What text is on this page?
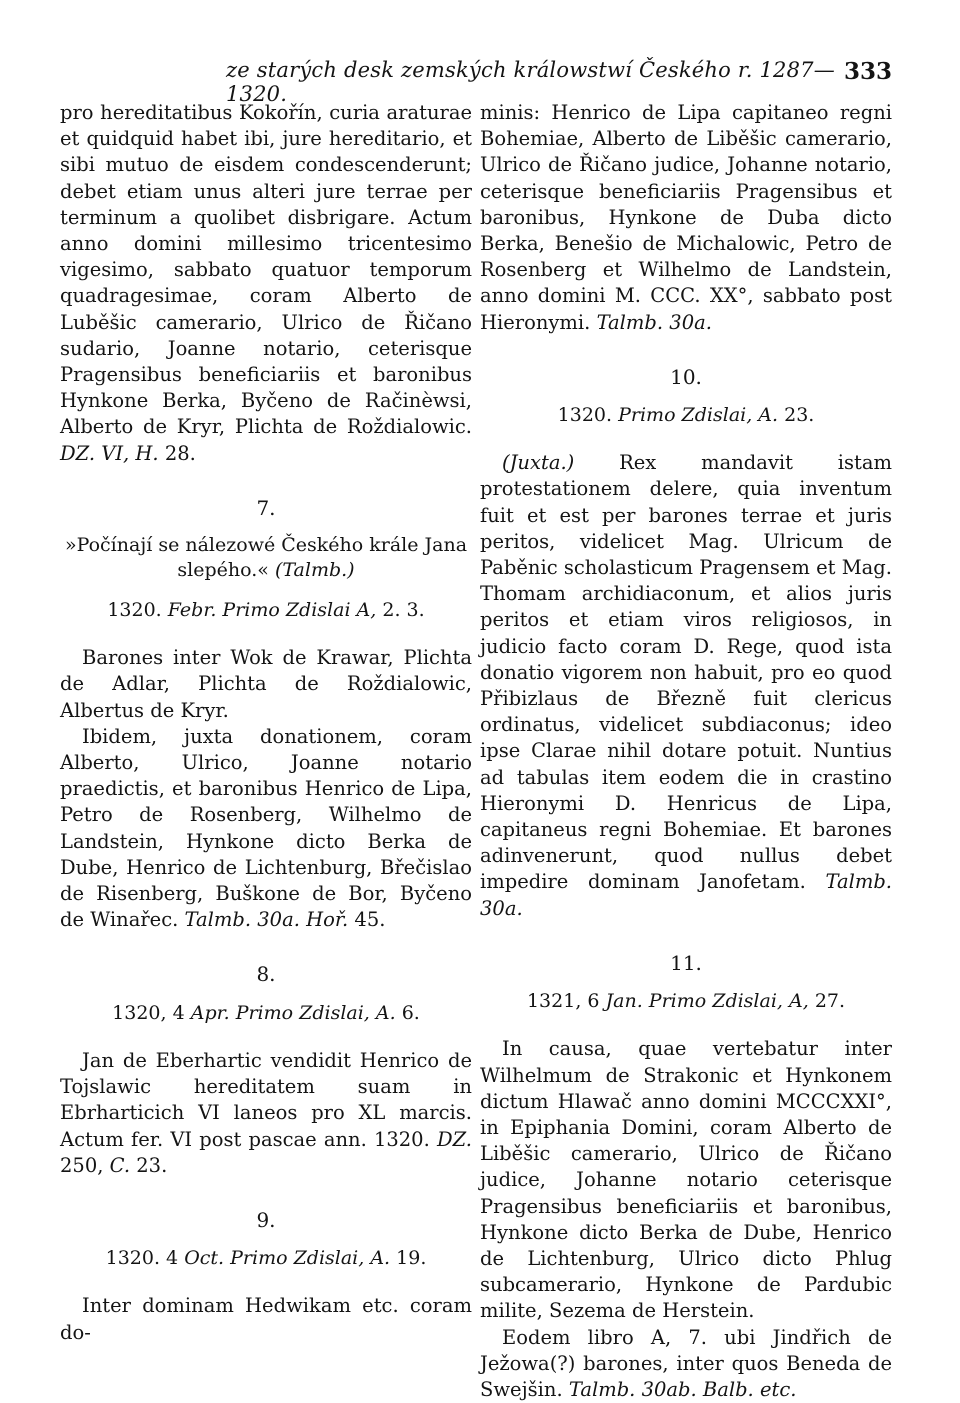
ze starých desk zemských králowstwí Českého r. 1287—1320.
333

pro hereditatibus Kokořín, curia araturae et quidquid habet ibi, jure hereditario, et sibi mutuo de eisdem condescenderunt; debet etiam unus alteri jure terrae per terminum a quolibet disbrigare. Actum anno domini millesimo tricentesimo vigesimo, sabbato quatuor temporum quadragesimae, coram Alberto de Luběšic camerario, Ulrico de Řičano sudario, Joanne notario, ceterisque Pragensibus beneficiariis et baronibus Hynkone Berka, Byčeno de Račinèwsi, Alberto de Kryr, Plichta de Roždialowic. DZ. VI, H. 28.

7.
»Počínají se nálezowé Českého krále Jana slepého.« (Talmb.)
1320. Febr. Primo Zdislai A, 2. 3.

Barones inter Wok de Krawar, Plichta de Adlar, Plichta de Roždialowic, Albertus de Kryr.

Ibidem, juxta donationem, coram Alberto, Ulrico, Joanne notario praedictis, et baronibus Henrico de Lipa, Petro de Rosenberg, Wilhelmo de Landstein, Hynkone dicto Berka de Dube, Henrico de Lichtenburg, Břečislao de Risenberg, Buškone de Bor, Byčeno de Winařec. Talmb. 30a. Hoř. 45.

8.
1320, 4 Apr. Primo Zdislai, A. 6.

Jan de Eberhartic vendidit Henrico de Tojslawic hereditatem suam in Ebrharticich VI laneos pro XL marcis. Actum fer. VI post pascae ann. 1320. DZ. 250, C. 23.

9.
1320. 4 Oct. Primo Zdislai, A. 19.

Inter dominam Hedwikam etc. coram do-

minis: Henrico de Lipa capitaneo regni Bohemiae, Alberto de Liběšic camerario, Ulrico de Řičano judice, Johanne notario, ceterisque beneficiariis Pragensibus et baronibus, Hynkone de Duba dicto Berka, Benešio de Michalowic, Petro de Rosenberg et Wilhelmo de Landstein, anno domini M. CCC. XX°, sabbato post Hieronymi. Talmb. 30a.

10.
1320. Primo Zdislai, A. 23.

(Juxta.) Rex mandavit istam protestationem delere, quia inventum fuit et est per barones terrae et juris peritos, videlicet Mag. Ulricum de Paběnic scholasticum Pragensem et Mag. Thomam archidiaconum, et alios juris peritos et etiam viros religiosos, in judicio facto coram D. Rege, quod ista donatio vigorem non habuit, pro eo quod Přibizlaus de Březně fuit clericus ordinatus, videlicet subdiaconus; ideo ipse Clarae nihil dotare potuit. Nuntius ad tabulas item eodem die in crastino Hieronymi D. Henricus de Lipa, capitaneus regni Bohemiae. Et barones adinvenerunt, quod nullus debet impedire dominam Janofetam. Talmb. 30a.

11.
1321, 6 Jan. Primo Zdislai, A, 27.

In causa, quae vertebatur inter Wilhelmum de Strakonic et Hynkonem dictum Hlawač anno domini MCCCXXI°, in Epiphania Domini, coram Alberto de Liběšic camerario, Ulrico de Řičano judice, Johanne notario ceterisque Pragensibus beneficiariis et baronibus, Hynkone dicto Berka de Dube, Henrico de Lichtenburg, Ulrico dicto Phlug subcamerario, Hynkone de Pardubic milite, Sezema de Herstein.

Eodem libro A, 7. ubi Jindřich de Ježowa(?) barones, inter quos Beneda de Swejšin. Talmb. 30ab. Balb. etc.
